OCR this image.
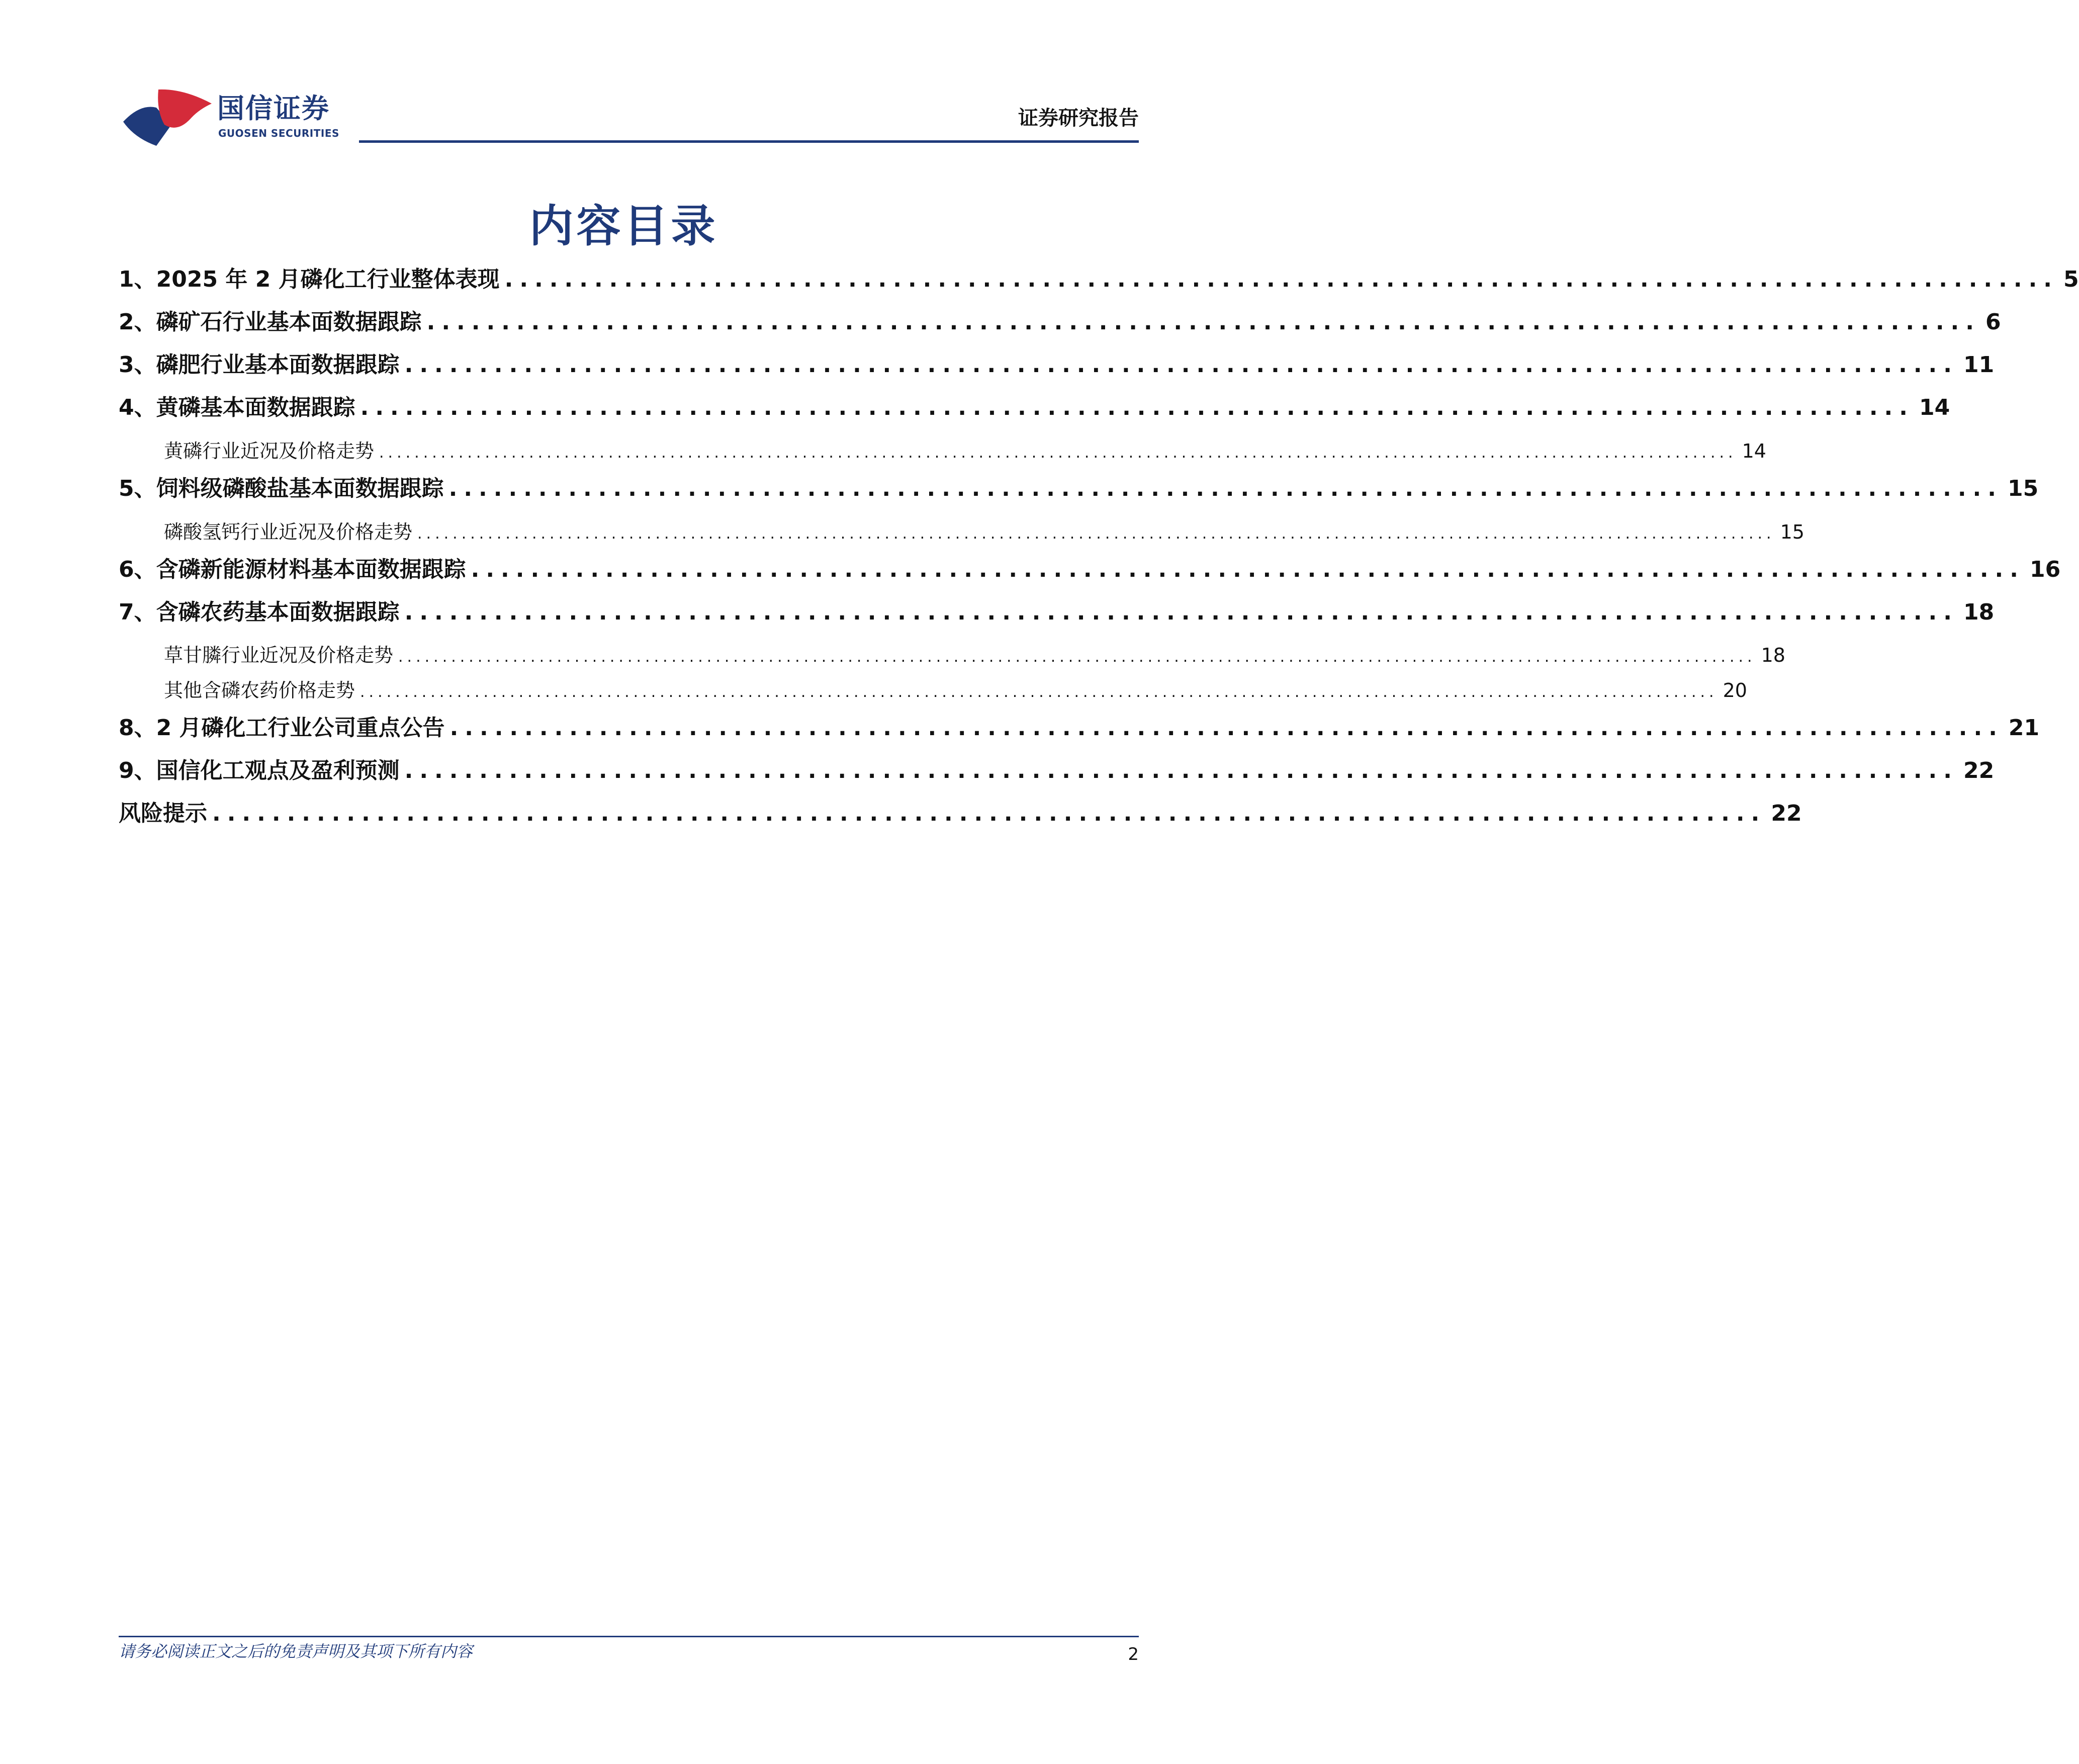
国信证券
GUOSEN SECURITIES
证券研究报告
内容目录
1、2025 年 2 月磷化工行业整体表现 ........................................................................................................ 5
2、磷矿石行业基本面数据跟踪 ........................................................................................................ 6
3、磷肥行业基本面数据跟踪 ........................................................................................................ 11
4、黄磷基本面数据跟踪 ........................................................................................................ 14
黄磷行业近况及价格走势 .......................................................................................................................................................... 14
5、饲料级磷酸盐基本面数据跟踪 ........................................................................................................ 15
磷酸氢钙行业近况及价格走势 .......................................................................................................................................................... 15
6、含磷新能源材料基本面数据跟踪 ........................................................................................................ 16
7、含磷农药基本面数据跟踪 ........................................................................................................ 18
草甘膦行业近况及价格走势 .......................................................................................................................................................... 18
其他含磷农药价格走势 .......................................................................................................................................................... 20
8、2 月磷化工行业公司重点公告 ........................................................................................................ 21
9、国信化工观点及盈利预测 ........................................................................................................ 22
风险提示 ........................................................................................................ 22
请务必阅读正文之后的免责声明及其项下所有内容	2
